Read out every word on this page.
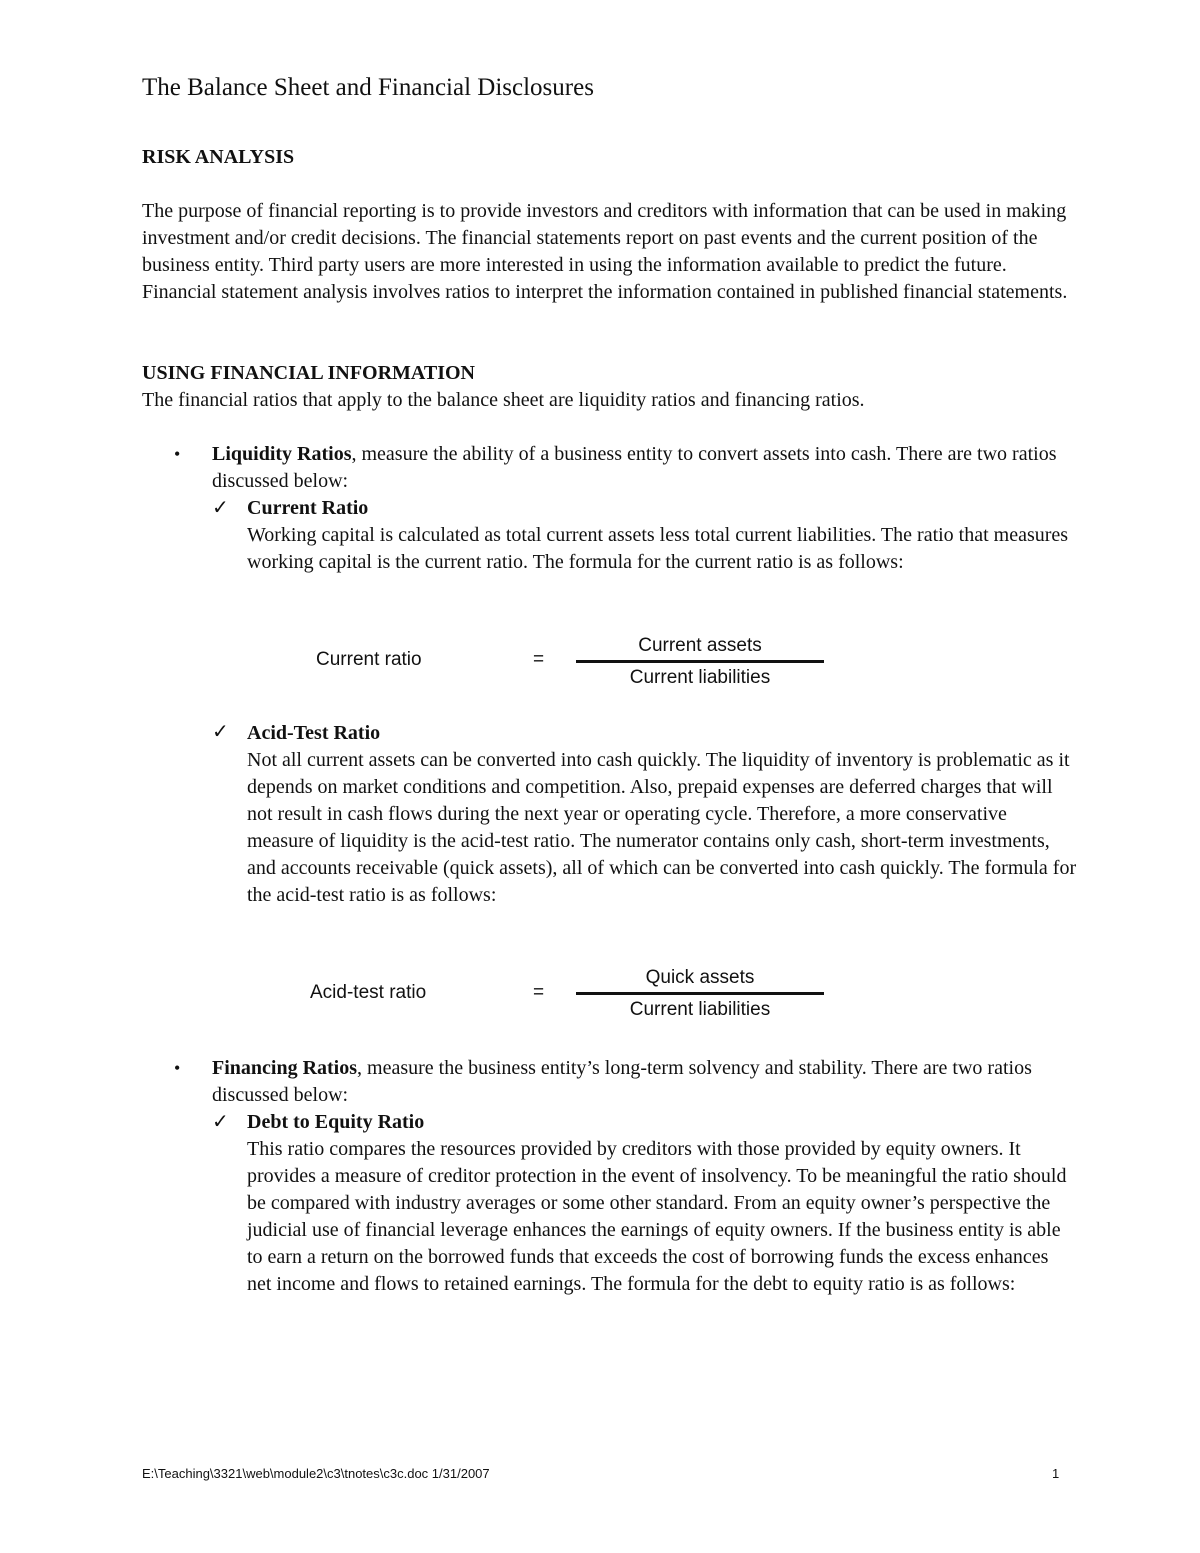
The Balance Sheet and Financial Disclosures
RISK ANALYSIS

The purpose of financial reporting is to provide investors and creditors with information that can be used in making investment and/or credit decisions. The financial statements report on past events and the current position of the business entity. Third party users are more interested in using the information available to predict the future. Financial statement analysis involves ratios to interpret the information contained in published financial statements.

USING FINANCIAL INFORMATION

The financial ratios that apply to the balance sheet are liquidity ratios and financing ratios.

• Liquidity Ratios, measure the ability of a business entity to convert assets into cash. There are two ratios discussed below:

✓ Current Ratio

Working capital is calculated as total current assets less total current liabilities. The ratio that measures working capital is the current ratio. The formula for the current ratio is as follows:

Current ratio	=
Current assets
Current liabilities
✓ Acid-Test Ratio

Not all current assets can be converted into cash quickly. The liquidity of inventory is problematic as it depends on market conditions and competition. Also, prepaid expenses are deferred charges that will not result in cash flows during the next year or operating cycle. Therefore, a more conservative measure of liquidity is the acid-test ratio. The numerator contains only cash, short-term investments, and accounts receivable (quick assets), all of which can be converted into cash quickly. The formula for the acid-test ratio is as follows:

Acid-test ratio	=
Quick assets
Current liabilities
• Financing Ratios, measure the business entity’s long-term solvency and stability. There are two ratios discussed below:

✓ Debt to Equity Ratio

This ratio compares the resources provided by creditors with those provided by equity owners. It provides a measure of creditor protection in the event of insolvency. To be meaningful the ratio should be compared with industry averages or some other standard. From an equity owner’s perspective the judicial use of financial leverage enhances the earnings of equity owners. If the business entity is able to earn a return on the borrowed funds that exceeds the cost of borrowing funds the excess enhances net income and flows to retained earnings. The formula for the debt to equity ratio is as follows:

E:\Teaching\3321\web\module2\c3\tnotes\c3c.doc 1/31/2007	1
